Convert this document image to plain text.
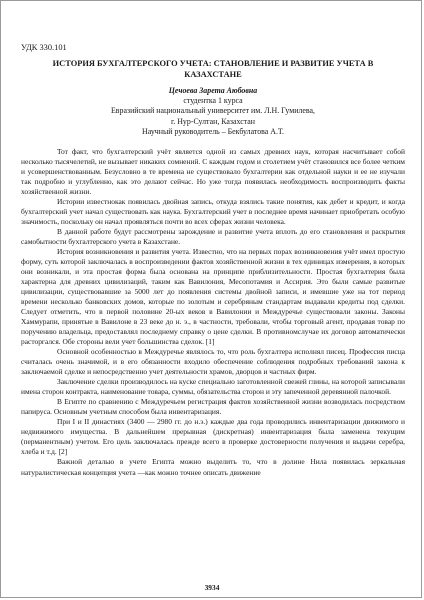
УДК 330.101
ИСТОРИЯ БУХГАЛТЕРСКОГО УЧЕТА: СТАНОВЛЕНИЕ И РАЗВИТИЕ УЧЕТА В КАЗАХСТАНЕ
Цечоева Зарета Аюбовна
студентка 1 курса
Евразийский национальный университет им. Л.Н. Гумилева,
г. Нур-Султан, Казахстан
Научный руководитель – Бекбулатова А.Т.

Тот факт, что бухгалтерский учёт является одной из самых древних наук, которая насчитывает собой несколько тысячелетий, не вызывает никаких сомнений. С каждым годом и столетием учёт становился все более четким и усовершенствованным. Безусловно в те времена не существовало бухгалтерии как отдельной науки и ее не изучали так подробно и углубленно, как это делают сейчас. Но уже тогда появилась необходимость воспроизводить факты хозяйственной жизни.

Истории известнокак появилась двойная запись, откуда взялись такие понятия, как дебет и кредит, и когда бухгалтерский учет начал существовать как наука. Бухгалтерский учет в последнее время начинает приобретать особую значимость, поскольку он начал проявляться почти во всех сферах жизни человека.

В данной работе будут рассмотрены зарождение и развитие учета вплоть до его становления и раскрытия самобытности бухгалтерского учета в Казахстане.

История возникновения и развития учета. Известно, что на первых порах возникновения учёт имел простую форму, суть которой заключалась в воспроизведении фактов хозяйственной жизни в тех единицах измерения, в которых они возникали, и эта простая форма была основана на принципе приблизительности. Простая бухгалтерия была характерна для древних цивилизаций, таким как Вавилония, Месопотамия и Ассирия. Это были самые развитые цивилизации, существовавшие за 5000 лет до появления системы двойной записи, и имевшие уже на тот период времени несколько банковских домов, которые по золотым и серебряным стандартам выдавали кредиты под сделки. Следует отметить, что в первой половине 20-ых веков в Вавилонии и Междуречье существовали законы. Законы Хаммурапи, принятые в Вавилоне в 23 веке до н. э., в частности, требовали, чтобы торговый агент, продавая товар по поручению владельца, предоставлял последнему справку о цене сделки. В противномслучае их договор автоматически расторгался. Обе стороны вели учет большинства сделок. [1]

Основной особенностью в Междуречье являлось то, что роль бухгалтера исполнял писец. Профессия писца считалась очень значимой, и в его обязанности входило обеспечение соблюдения подробных требований закона к заключаемой сделке и непосредственно учет деятельности храмов, дворцов и частных фирм.

Заключение сделки производилось на куске специально заготовленной свежей глины, на которой записывали имена сторон контракта, наименование товара, суммы, обязательства сторон и эту запеченной деревянной палочкой.

В Египте по сравнению с Междуречьем регистрация фактов хозяйственной жизни возводилась посредством папируса. Основным учетным способом была инвентаризация.

При I и II династиях (3400 — 2980 гг. до н.э.) каждые два года проводились инвентаризации движимого и недвижимого имущества. В дальнейшем прерывная (дискретная) инвентаризация была заменена текущим (перманентным) учетом. Его цель заключалась прежде всего в проверке достоверности получения и выдачи серебра, хлеба и т.д. [2]

Важной деталью в учете Египта можно выделить то, что в долине Нила появилась зеркальная натуралистическая концепция учета —как можно точнее описать движение

3934
